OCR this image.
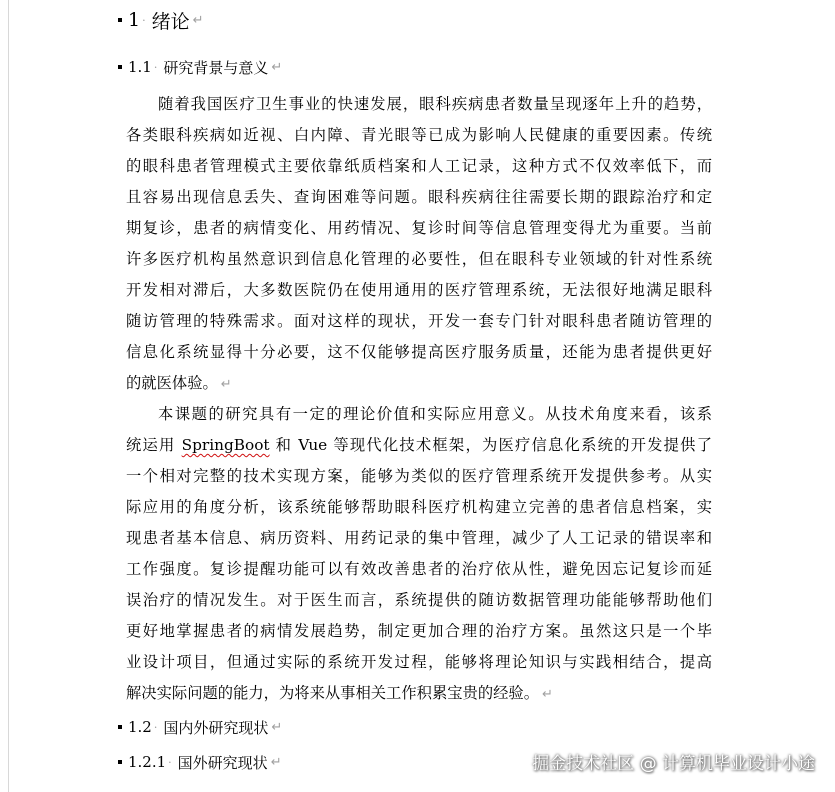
1 · 绪论 ↵
1.1 · 研究背景与意义 ↵
随着我国医疗卫生事业的快速发展，眼科疾病患者数量呈现逐年上升的趋势，
各类眼科疾病如近视、白内障、青光眼等已成为影响人民健康的重要因素。传统
的眼科患者管理模式主要依靠纸质档案和人工记录，这种方式不仅效率低下，而
且容易出现信息丢失、查询困难等问题。眼科疾病往往需要长期的跟踪治疗和定
期复诊，患者的病情变化、用药情况、复诊时间等信息管理变得尤为重要。当前
许多医疗机构虽然意识到信息化管理的必要性，但在眼科专业领域的针对性系统
开发相对滞后，大多数医院仍在使用通用的医疗管理系统，无法很好地满足眼科
随访管理的特殊需求。面对这样的现状，开发一套专门针对眼科患者随访管理的
信息化系统显得十分必要，这不仅能够提高医疗服务质量，还能为患者提供更好
的就医体验。 ↵
本课题的研究具有一定的理论价值和实际应用意义。从技术角度来看，该系
统运用 SpringBoot 和 Vue 等现代化技术框架，为医疗信息化系统的开发提供了
一个相对完整的技术实现方案，能够为类似的医疗管理系统开发提供参考。从实
际应用的角度分析，该系统能够帮助眼科医疗机构建立完善的患者信息档案，实
现患者基本信息、病历资料、用药记录的集中管理，减少了人工记录的错误率和
工作强度。复诊提醒功能可以有效改善患者的治疗依从性，避免因忘记复诊而延
误治疗的情况发生。对于医生而言，系统提供的随访数据管理功能能够帮助他们
更好地掌握患者的病情发展趋势，制定更加合理的治疗方案。虽然这只是一个毕
业设计项目，但通过实际的系统开发过程，能够将理论知识与实践相结合，提高
解决实际问题的能力，为将来从事相关工作积累宝贵的经验。 ↵
1.2 · 国内外研究现状 ↵
1.2.1 · 国外研究现状 ↵	掘金技术社区 @ 计算机毕业设计小途
